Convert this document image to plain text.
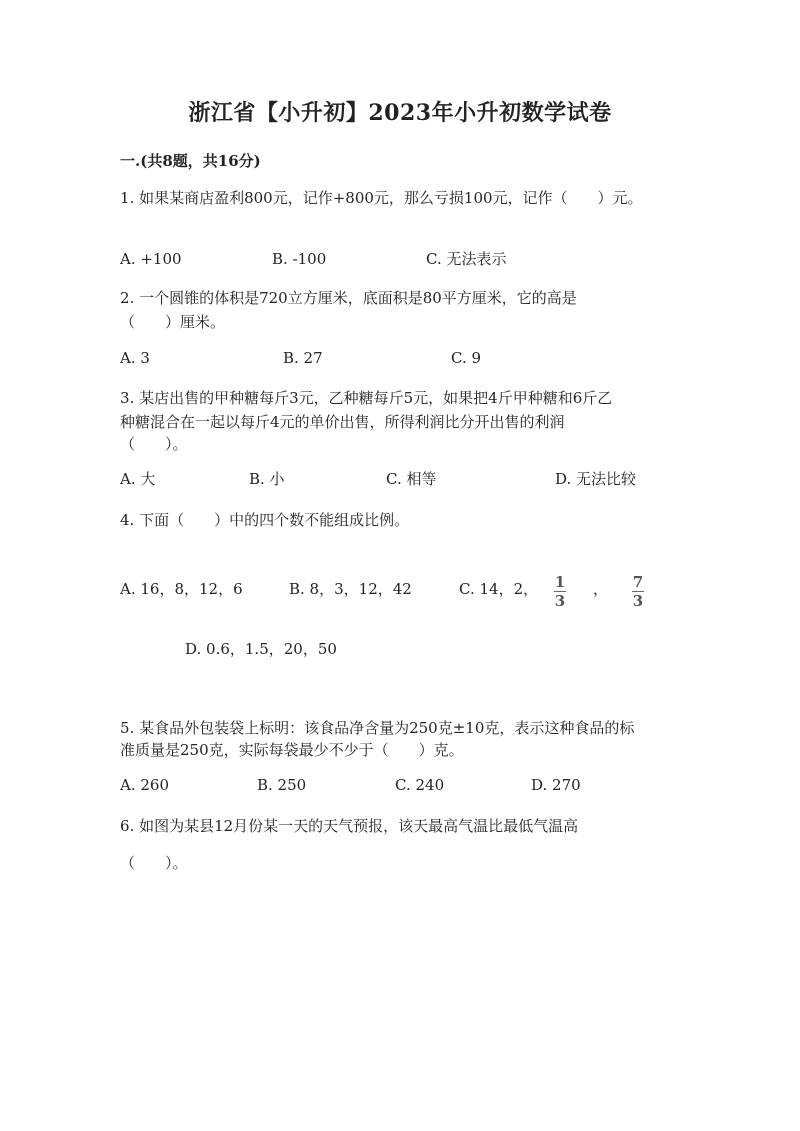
浙江省【小升初】2023年小升初数学试卷
一.(共8题，共16分)
1. 如果某商店盈利800元，记作+800元，那么亏损100元，记作（　　）元。
A. +100	B. -100	C. 无法表示
2. 一个圆锥的体积是720立方厘米，底面积是80平方厘米，它的高是
（　　）厘米。
A. 3	B. 27	C. 9
3. 某店出售的甲种糖每斤3元，乙种糖每斤5元，如果把4斤甲种糖和6斤乙
种糖混合在一起以每斤4元的单价出售，所得利润比分开出售的利润
（　　）。
A. 大	B. 小	C. 相等	D. 无法比较
4. 下面（　　）中的四个数不能组成比例。
A. 16，8，12，6	B. 8，3，12，42	C. 14，2， 1
3
， 7
3
D. 0.6，1.5，20，50
5. 某食品外包装袋上标明：该食品净含量为250克±10克，表示这种食品的标
准质量是250克，实际每袋最少不少于（　　）克。
A. 260	B. 250	C. 240	D. 270
6. 如图为某县12月份某一天的天气预报，该天最高气温比最低气温高
（　　）。
